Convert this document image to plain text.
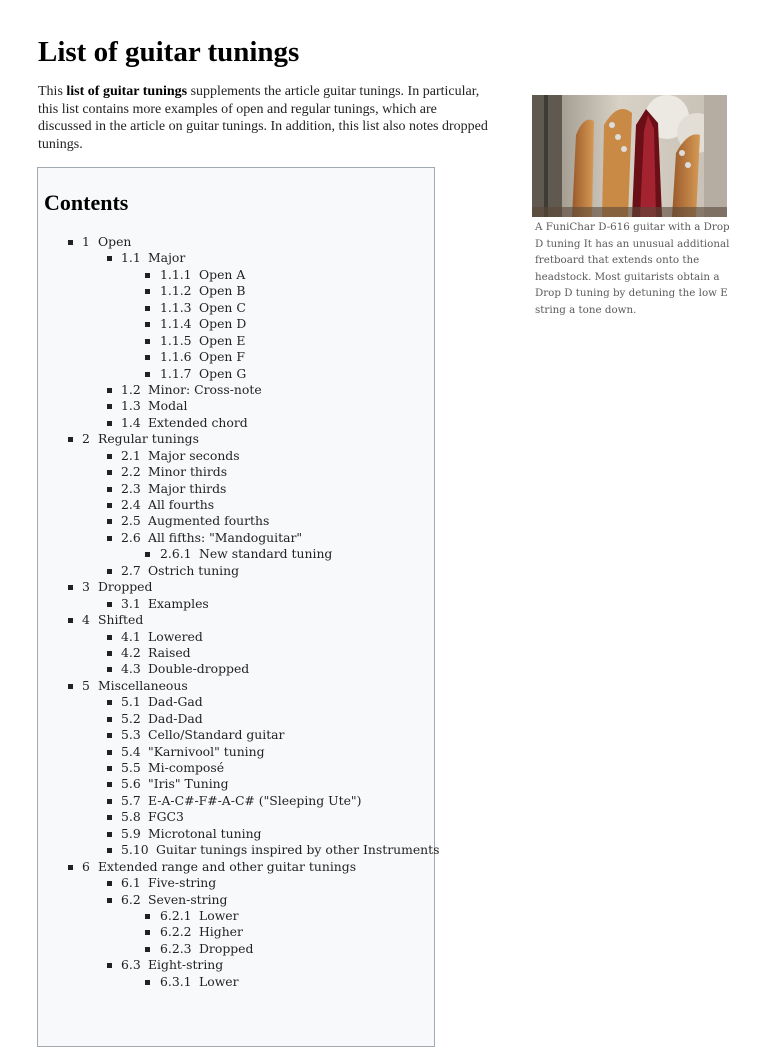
List of guitar tunings
This list of guitar tunings supplements the article guitar tunings. In particular, this list contains more examples of open and regular tunings, which are discussed in the article on guitar tunings. In addition, this list also notes dropped tunings.
A FuniChar D-616 guitar with a Drop D tuning It has an unusual additional fretboard that extends onto the headstock. Most guitarists obtain a Drop D tuning by detuning the low E string a tone down.
Contents
1 Open
1.1 Major
1.1.1 Open A
1.1.2 Open B
1.1.3 Open C
1.1.4 Open D
1.1.5 Open E
1.1.6 Open F
1.1.7 Open G
1.2 Minor: Cross-note
1.3 Modal
1.4 Extended chord
2 Regular tunings
2.1 Major seconds
2.2 Minor thirds
2.3 Major thirds
2.4 All fourths
2.5 Augmented fourths
2.6 All fifths: "Mandoguitar"
2.6.1 New standard tuning
2.7 Ostrich tuning
3 Dropped
3.1 Examples
4 Shifted
4.1 Lowered
4.2 Raised
4.3 Double-dropped
5 Miscellaneous
5.1 Dad-Gad
5.2 Dad-Dad
5.3 Cello/Standard guitar
5.4 "Karnivool" tuning
5.5 Mi-composé
5.6 "Iris" Tuning
5.7 E-A-C#-F#-A-C# ("Sleeping Ute")
5.8 FGC3
5.9 Microtonal tuning
5.10 Guitar tunings inspired by other Instruments
6 Extended range and other guitar tunings
6.1 Five-string
6.2 Seven-string
6.2.1 Lower
6.2.2 Higher
6.2.3 Dropped
6.3 Eight-string
6.3.1 Lower
